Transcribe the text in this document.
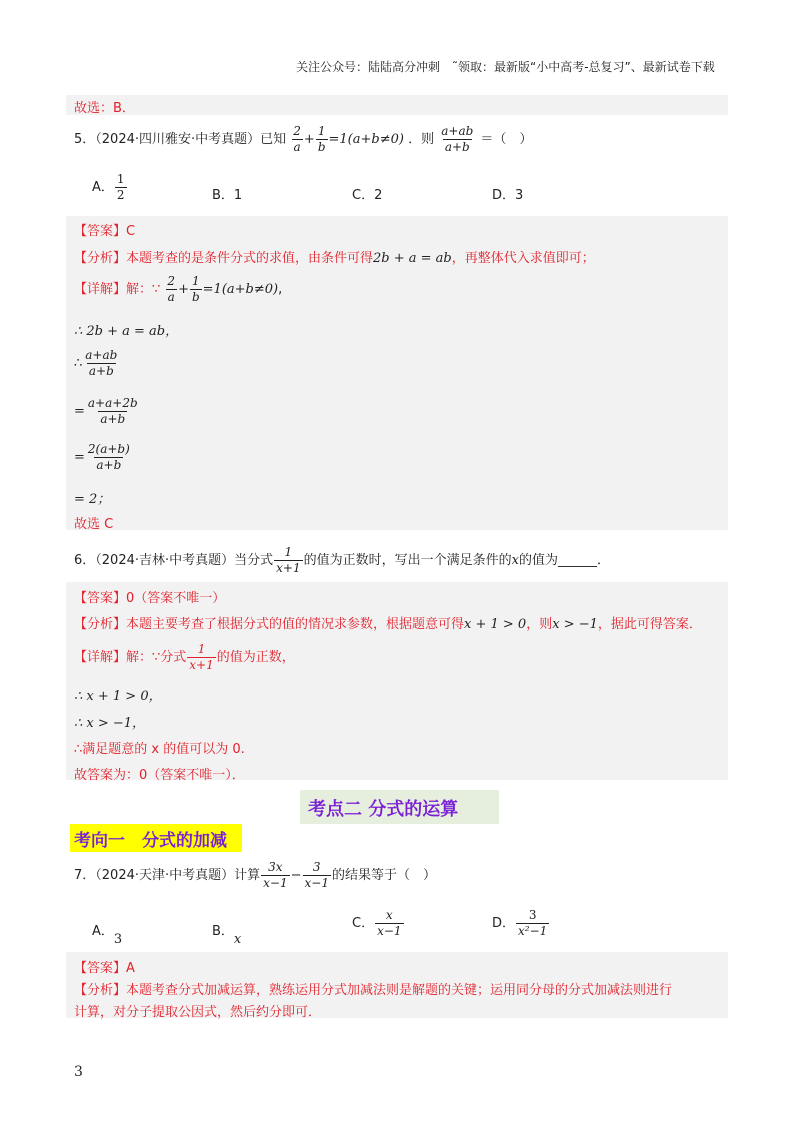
关注公众号：陆陆高分冲刺　˜领取：最新版“小中高考-总复习”、最新试卷下载
故选：B．
5．（2024·四川雅安·中考真题）已知 $\frac{2}{a} + \frac{1}{b} =1(a+b\ne 0)$ ．则 $\frac{a+ab}{a+b}$ ＝（　）
A． $\frac{1}{2}$	B．1	C．2	D．3
【答案】C
【分析】本题考查的是条件分式的求值，由条件可得2b + a = ab，再整体代入求值即可；
【详解】解：∵ $\frac{2}{a} + \frac{1}{b} =1(a+b\ne 0)$,
∴ 2b + a = ab，
∴ $\frac{a+ab}{a+b}$
= $\frac{a+a+2b}{a+b}$
= $\frac{2(a+b)}{a+b}$
= 2；
故选 C
6．（2024·吉林·中考真题）当分式 $\frac{1}{x+1}$ 的值为正数时，写出一个满足条件的x的值为______．
【答案】0（答案不唯一）
【分析】本题主要考查了根据分式的值的情况求参数，根据题意可得x + 1 > 0，则x > −1，据此可得答案．
【详解】解：∵分式 $\frac{1}{x+1}$ 的值为正数，
∴ x + 1 > 0，
∴ x > −1，
∴满足题意的 x 的值可以为 0.
故答案为：0（答案不唯一）．
考点二 分式的运算
考向一　分式的加减
7．（2024·天津·中考真题）计算 $\frac{3x}{x-1} - \frac{3}{x-1}$ 的结果等于（　）
A．3
B．x
C． $\frac{x}{x-1}$	D． $\frac{3}{\text{x²−1}}$
【答案】A
【分析】本题考查分式加减运算，熟练运用分式加减法则是解题的关键；运用同分母的分式加减法则进行
计算，对分子提取公因式，然后约分即可．
3
